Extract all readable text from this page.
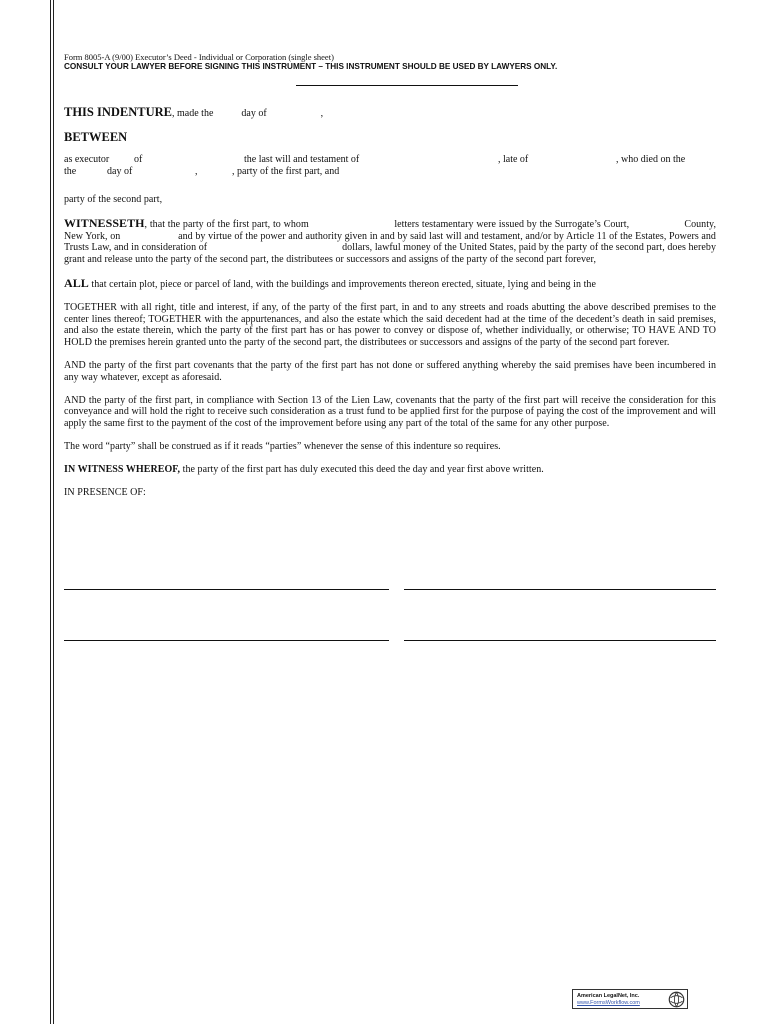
Form 8005-A (9/00) Executor’s Deed - Individual or Corporation (single sheet)
CONSULT YOUR LAWYER BEFORE SIGNING THIS INSTRUMENT – THIS INSTRUMENT SHOULD BE USED BY LAWYERS ONLY.
THIS INDENTURE, made the	day of	,
BETWEEN
as executor of	the last will and testament of	, late of	, who died on the
the	day of	,	, party of the first part, and

party of the second part,

WITNESSETH, that the party of the first part, to whom                               letters testamentary were issued by the Surrogate’s Court,                    County, New York, on                      and by virtue of the power and authority given in and by said last will and testament, and/or by Article 11 of the Estates, Powers and Trusts Law, and in consideration of                                                    dollars, lawful money of the United States, paid by the party of the second part, does hereby grant and release unto the party of the second part, the distributees or successors and assigns of the party of the second part forever,

ALL that certain plot, piece or parcel of land, with the buildings and improvements thereon erected, situate, lying and being in the

TOGETHER with all right, title and interest, if any, of the party of the first part, in and to any streets and roads abutting the above described premises to the center lines thereof; TOGETHER with the appurtenances, and also the estate which the said decedent had at the time of the decedent’s death in said premises, and also the estate therein, which the party of the first part has or has power to convey or dispose of, whether individually, or otherwise; TO HAVE AND TO HOLD the premises herein granted unto the party of the second part, the distributees or successors and assigns of the party of the second part forever.

AND the party of the first part covenants that the party of the first part has not done or suffered anything whereby the said premises have been incumbered in any way whatever, except as aforesaid.

AND the party of the first part, in compliance with Section 13 of the Lien Law, covenants that the party of the first part will receive the consideration for this conveyance and will hold the right to receive such consideration as a trust fund to be applied first for the purpose of paying the cost of the improvement and will apply the same first to the payment of the cost of the improvement before using any part of the total of the same for any other purpose.

The word “party” shall be construed as if it reads “parties” whenever the sense of this indenture so requires.

IN WITNESS WHEREOF, the party of the first part has duly executed this deed the day and year first above written.

IN PRESENCE OF:

American LegalNet, Inc.
www.FormsWorkflow.com
